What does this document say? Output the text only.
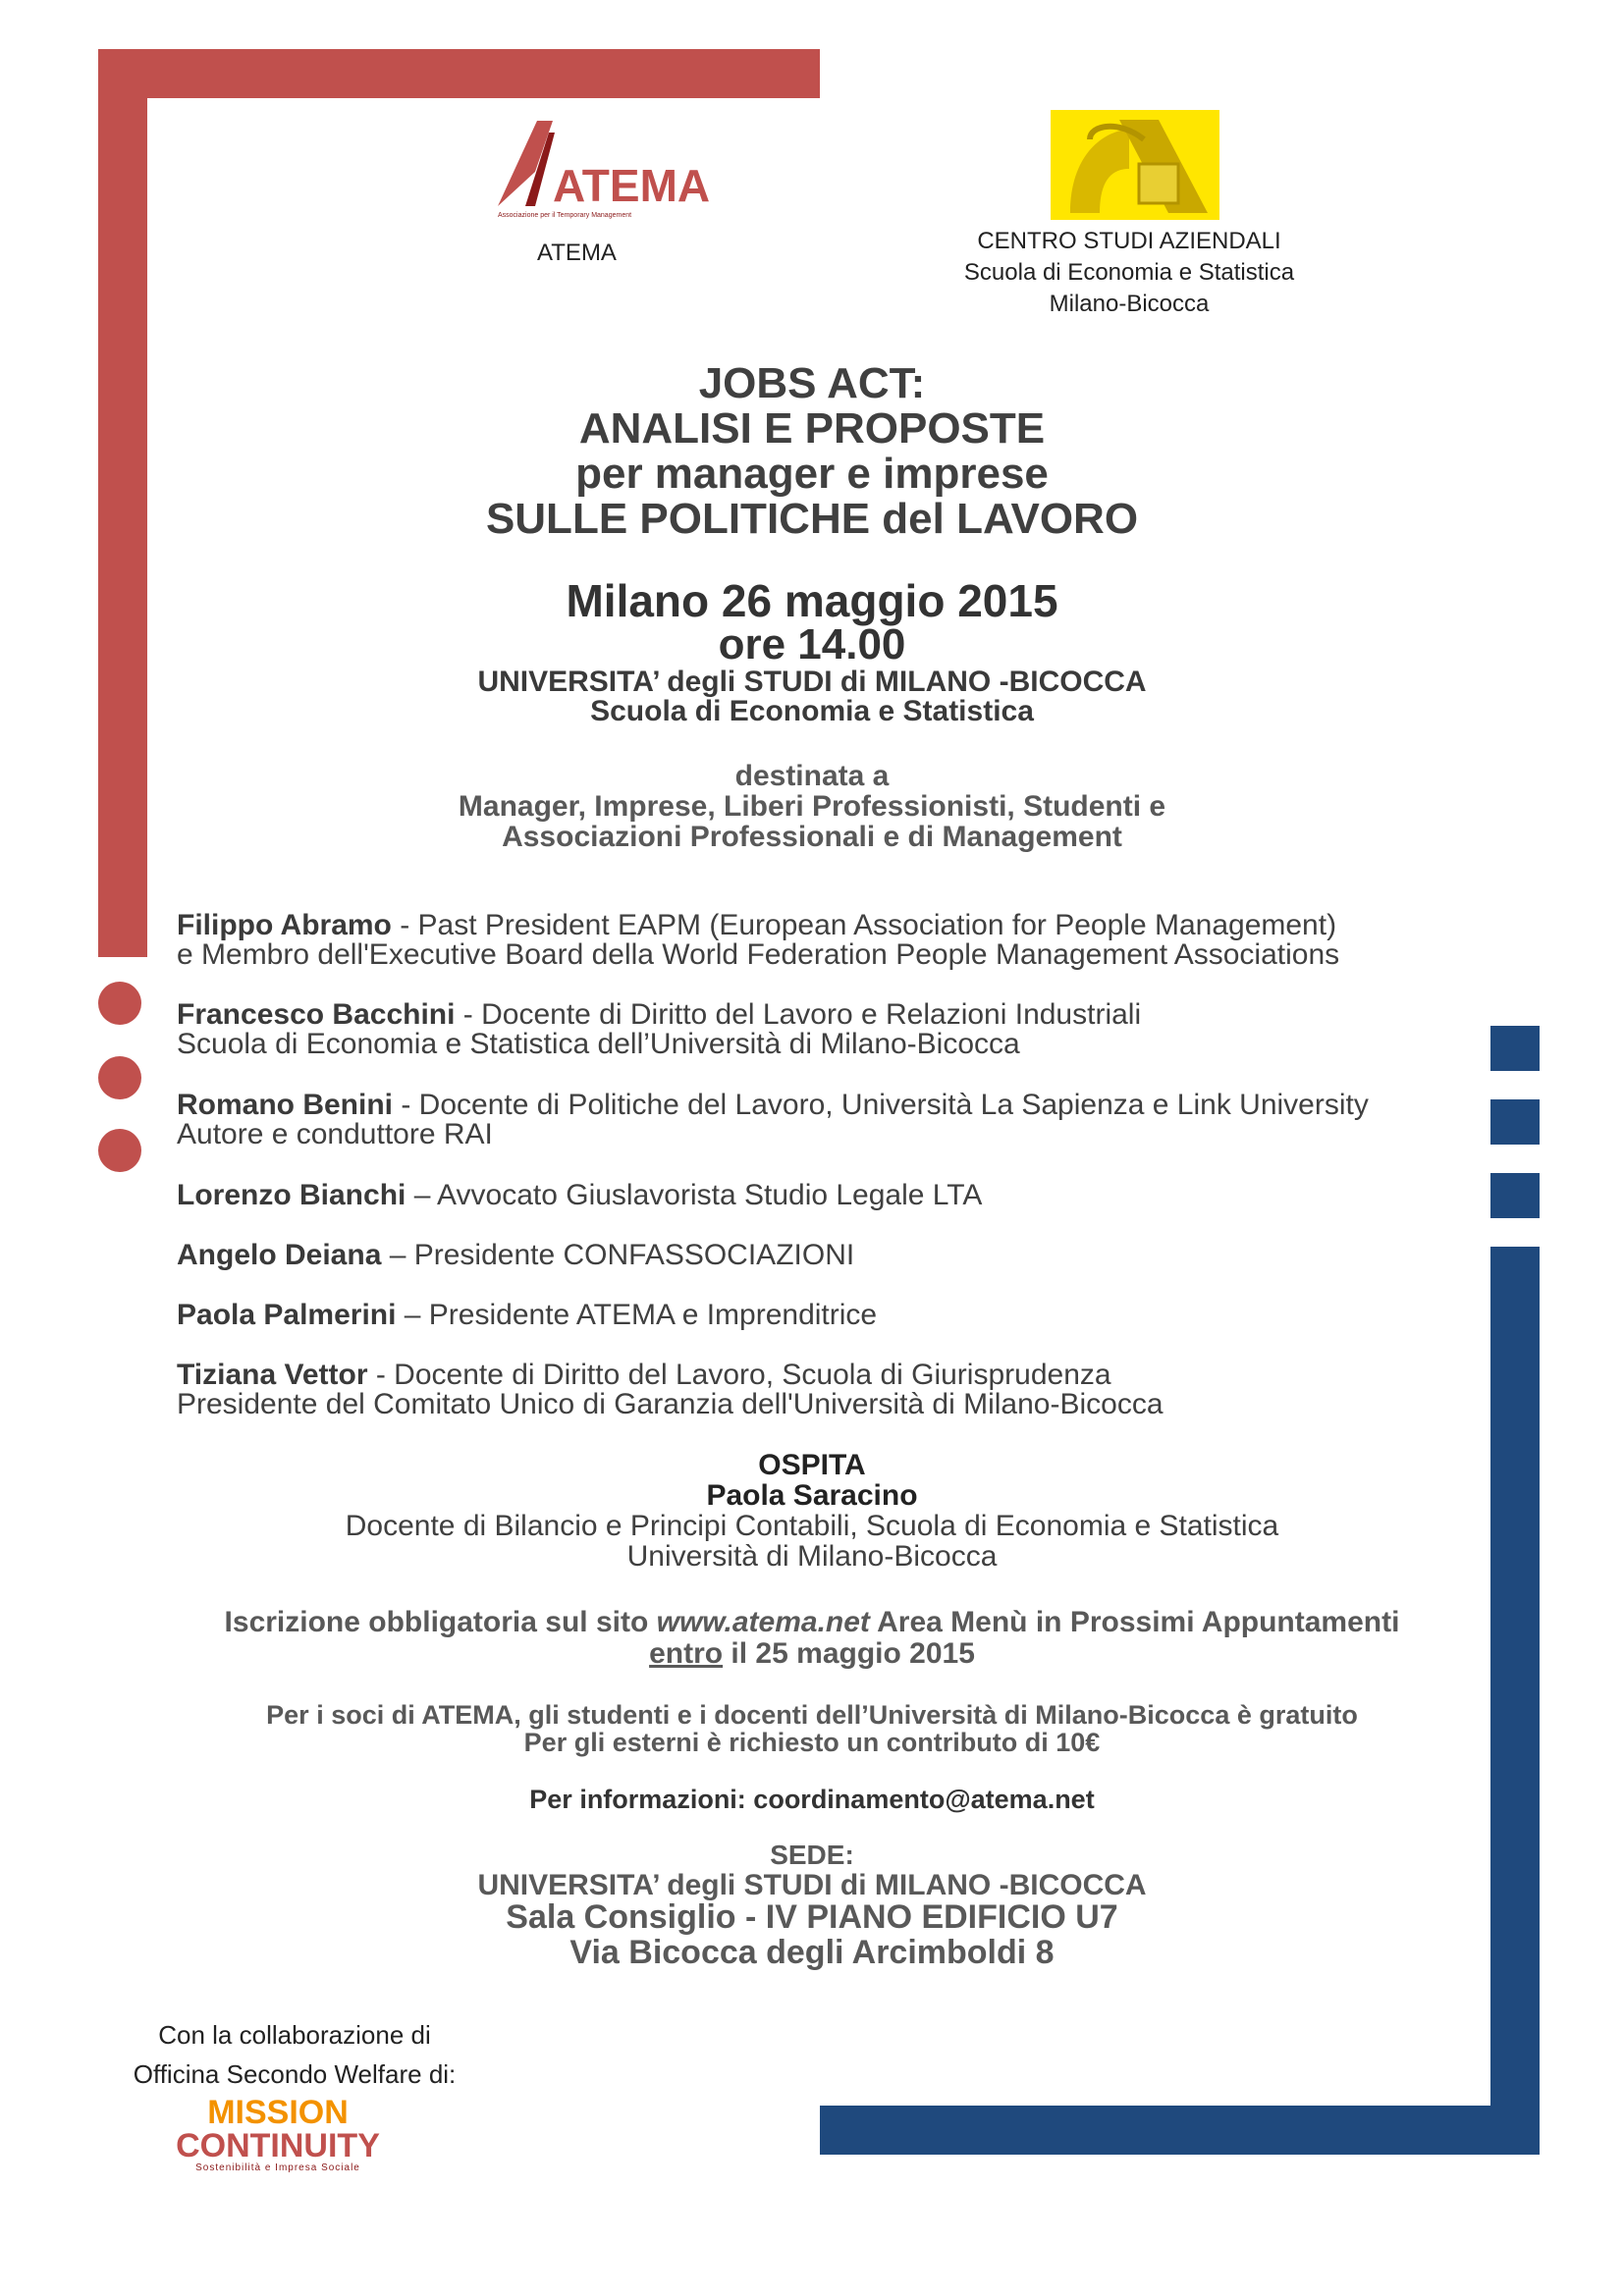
ATEMA
Associazione per il Temporary Management
ATEMA	CENTRO STUDI AZIENDALI
Scuola di Economia e Statistica
Milano-Bicocca
JOBS ACT:
ANALISI E PROPOSTE
per manager e imprese
SULLE POLITICHE del LAVORO
Milano 26 maggio 2015
ore 14.00
UNIVERSITA’ degli STUDI di MILANO -BICOCCA
Scuola di Economia e Statistica
destinata a
Manager, Imprese, Liberi Professionisti, Studenti e
Associazioni Professionali e di Management
Filippo Abramo - Past President EAPM (European Association for People Management)
e Membro dell'Executive Board della World Federation People Management Associations
Francesco Bacchini - Docente di Diritto del Lavoro e Relazioni Industriali
Scuola di Economia e Statistica dell’Università di Milano-Bicocca
Romano Benini - Docente di Politiche del Lavoro, Università La Sapienza e Link University
Autore e conduttore RAI
Lorenzo Bianchi – Avvocato Giuslavorista Studio Legale LTA
Angelo Deiana – Presidente CONFASSOCIAZIONI
Paola Palmerini – Presidente ATEMA e Imprenditrice
Tiziana Vettor - Docente di Diritto del Lavoro, Scuola di Giurisprudenza
Presidente del Comitato Unico di Garanzia dell'Università di Milano-Bicocca
OSPITA
Paola Saracino
Docente di Bilancio e Principi Contabili, Scuola di Economia e Statistica
Università di Milano-Bicocca
Iscrizione obbligatoria sul sito www.atema.net Area Menù in Prossimi Appuntamenti
entro il 25 maggio 2015
Per i soci di ATEMA, gli studenti e i docenti dell’Università di Milano-Bicocca è gratuito
Per gli esterni è richiesto un contributo di 10€
Per informazioni: coordinamento@atema.net
SEDE:
UNIVERSITA’ degli STUDI di MILANO -BICOCCA
Sala Consiglio - IV PIANO EDIFICIO U7
Via Bicocca degli Arcimboldi 8
Con la collaborazione di
Officina Secondo Welfare di:
MISSION
CONTINUITY
Sostenibilità e Impresa Sociale
